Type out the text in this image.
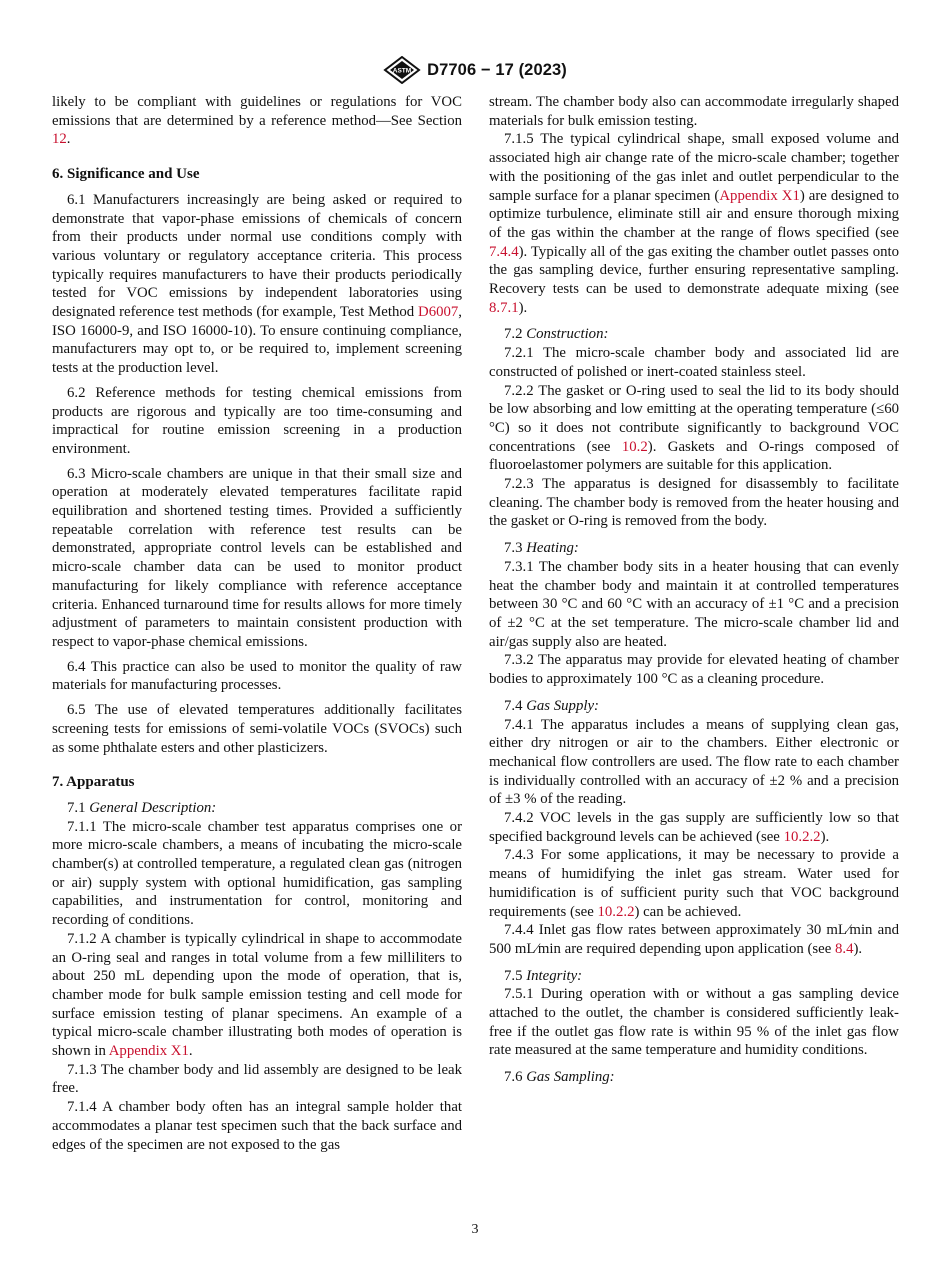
ASTM D7706 − 17 (2023)

likely to be compliant with guidelines or regulations for VOC emissions that are determined by a reference method—See Section 12.

6. Significance and Use

6.1 Manufacturers increasingly are being asked or required to demonstrate that vapor-phase emissions of chemicals of concern from their products under normal use conditions comply with various voluntary or regulatory acceptance criteria. This process typically requires manufacturers to have their products periodically tested for VOC emissions by independent laboratories using designated reference test methods (for example, Test Method D6007, ISO 16000-9, and ISO 16000-10). To ensure continuing compliance, manufacturers may opt to, or be required to, implement screening tests at the production level.

6.2 Reference methods for testing chemical emissions from products are rigorous and typically are too time-consuming and impractical for routine emission screening in a production environment.

6.3 Micro-scale chambers are unique in that their small size and operation at moderately elevated temperatures facilitate rapid equilibration and shortened testing times. Provided a sufficiently repeatable correlation with reference test results can be demonstrated, appropriate control levels can be established and micro-scale chamber data can be used to monitor product manufacturing for likely compliance with reference acceptance criteria. Enhanced turnaround time for results allows for more timely adjustment of parameters to maintain consistent production with respect to vapor-phase chemical emissions.

6.4 This practice can also be used to monitor the quality of raw materials for manufacturing processes.

6.5 The use of elevated temperatures additionally facilitates screening tests for emissions of semi-volatile VOCs (SVOCs) such as some phthalate esters and other plasticizers.

7. Apparatus

7.1 General Description:

7.1.1 The micro-scale chamber test apparatus comprises one or more micro-scale chambers, a means of incubating the micro-scale chamber(s) at controlled temperature, a regulated clean gas (nitrogen or air) supply system with optional humidification, gas sampling capabilities, and instrumentation for control, monitoring and recording of conditions.

7.1.2 A chamber is typically cylindrical in shape to accommodate an O-ring seal and ranges in total volume from a few milliliters to about 250 mL depending upon the mode of operation, that is, chamber mode for bulk sample emission testing and cell mode for surface emission testing of planar specimens. An example of a typical micro-scale chamber illustrating both modes of operation is shown in Appendix X1.

7.1.3 The chamber body and lid assembly are designed to be leak free.

7.1.4 A chamber body often has an integral sample holder that accommodates a planar test specimen such that the back surface and edges of the specimen are not exposed to the gas

stream. The chamber body also can accommodate irregularly shaped materials for bulk emission testing.

7.1.5 The typical cylindrical shape, small exposed volume and associated high air change rate of the micro-scale chamber; together with the positioning of the gas inlet and outlet perpendicular to the sample surface for a planar specimen (Appendix X1) are designed to optimize turbulence, eliminate still air and ensure thorough mixing of the gas within the chamber at the range of flows specified (see 7.4.4). Typically all of the gas exiting the chamber outlet passes onto the gas sampling device, further ensuring representative sampling. Recovery tests can be used to demonstrate adequate mixing (see 8.7.1).

7.2 Construction:

7.2.1 The micro-scale chamber body and associated lid are constructed of polished or inert-coated stainless steel.

7.2.2 The gasket or O-ring used to seal the lid to its body should be low absorbing and low emitting at the operating temperature (≤60 °C) so it does not contribute significantly to background VOC concentrations (see 10.2). Gaskets and O-rings composed of fluoroelastomer polymers are suitable for this application.

7.2.3 The apparatus is designed for disassembly to facilitate cleaning. The chamber body is removed from the heater housing and the gasket or O-ring is removed from the body.

7.3 Heating:

7.3.1 The chamber body sits in a heater housing that can evenly heat the chamber body and maintain it at controlled temperatures between 30 °C and 60 °C with an accuracy of ±1 °C and a precision of ±2 °C at the set temperature. The micro-scale chamber lid and air/gas supply also are heated.

7.3.2 The apparatus may provide for elevated heating of chamber bodies to approximately 100 °C as a cleaning procedure.

7.4 Gas Supply:

7.4.1 The apparatus includes a means of supplying clean gas, either dry nitrogen or air to the chambers. Either electronic or mechanical flow controllers are used. The flow rate to each chamber is individually controlled with an accuracy of ±2 % and a precision of ±3 % of the reading.

7.4.2 VOC levels in the gas supply are sufficiently low so that specified background levels can be achieved (see 10.2.2).

7.4.3 For some applications, it may be necessary to provide a means of humidifying the inlet gas stream. Water used for humidification is of sufficient purity such that VOC background requirements (see 10.2.2) can be achieved.

7.4.4 Inlet gas flow rates between approximately 30 mL⁄min and 500 mL⁄min are required depending upon application (see 8.4).

7.5 Integrity:

7.5.1 During operation with or without a gas sampling device attached to the outlet, the chamber is considered sufficiently leak-free if the outlet gas flow rate is within 95 % of the inlet gas flow rate measured at the same temperature and humidity conditions.

7.6 Gas Sampling:

3
